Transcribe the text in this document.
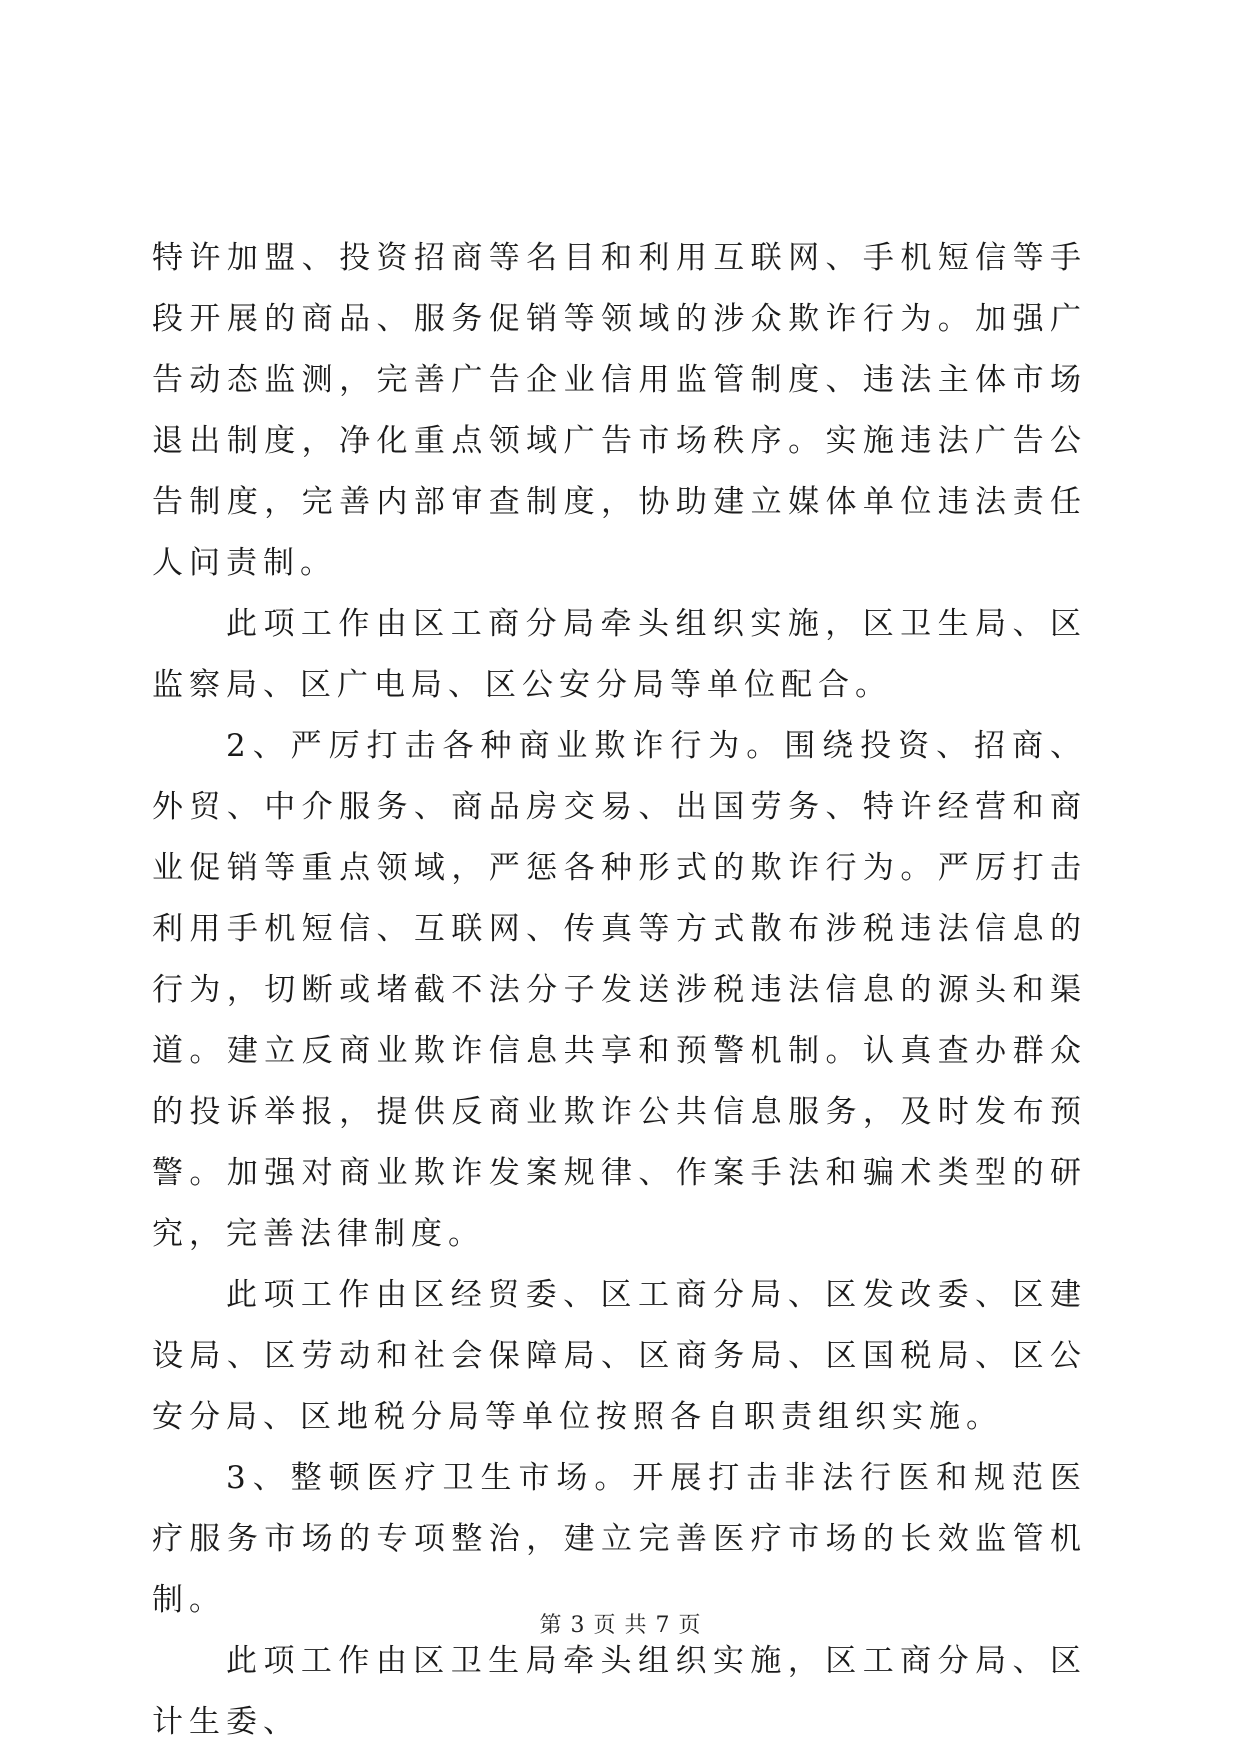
特许加盟、投资招商等名目和利用互联网、手机短信等手段开展的商品、服务促销等领域的涉众欺诈行为。加强广告动态监测，完善广告企业信用监管制度、违法主体市场退出制度，净化重点领域广告市场秩序。实施违法广告公告制度，完善内部审查制度，协助建立媒体单位违法责任人问责制。

此项工作由区工商分局牵头组织实施，区卫生局、区监察局、区广电局、区公安分局等单位配合。

2、严厉打击各种商业欺诈行为。围绕投资、招商、外贸、中介服务、商品房交易、出国劳务、特许经营和商业促销等重点领域，严惩各种形式的欺诈行为。严厉打击利用手机短信、互联网、传真等方式散布涉税违法信息的行为，切断或堵截不法分子发送涉税违法信息的源头和渠道。建立反商业欺诈信息共享和预警机制。认真查办群众的投诉举报，提供反商业欺诈公共信息服务，及时发布预警。加强对商业欺诈发案规律、作案手法和骗术类型的研究，完善法律制度。

此项工作由区经贸委、区工商分局、区发改委、区建设局、区劳动和社会保障局、区商务局、区国税局、区公安分局、区地税分局等单位按照各自职责组织实施。

3、整顿医疗卫生市场。开展打击非法行医和规范医疗服务市场的专项整治，建立完善医疗市场的长效监管机制。

此项工作由区卫生局牵头组织实施，区工商分局、区计生委、

第 3 页 共 7 页
